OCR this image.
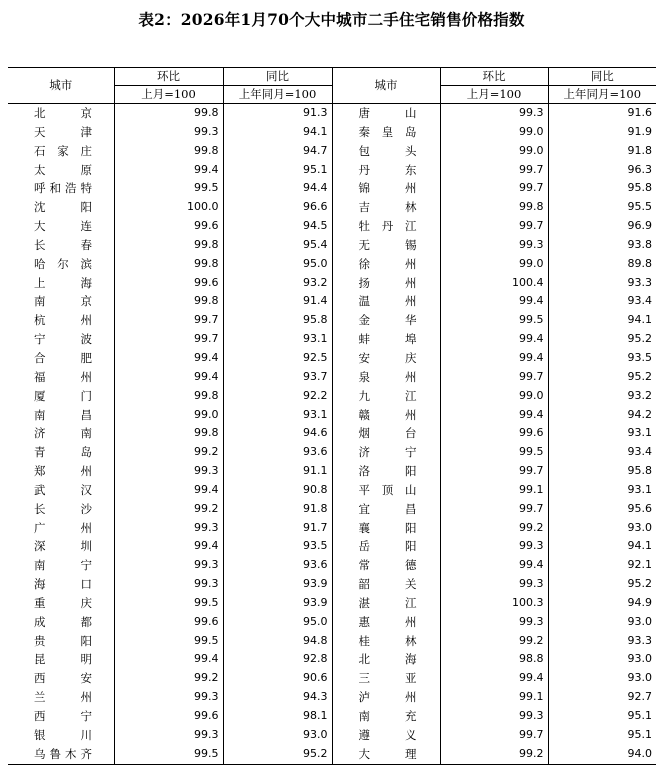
表2：2026年1月70个大中城市二手住宅销售价格指数
城市	环比	同比	城市	环比	同比
	上月=100	上年同月=100		上月=100	上年同月=100
北京	99.8	91.3	唐山	99.3	91.6
天津	99.3	94.1	秦皇岛	99.0	91.9
石家庄	99.8	94.7	包头	99.0	91.8
太原	99.4	95.1	丹东	99.7	96.3
呼和浩特	99.5	94.4	锦州	99.7	95.8
沈阳	100.0	96.6	吉林	99.8	95.5
大连	99.6	94.5	牡丹江	99.7	96.9
长春	99.8	95.4	无锡	99.3	93.8
哈尔滨	99.8	95.0	徐州	99.0	89.8
上海	99.6	93.2	扬州	100.4	93.3
南京	99.8	91.4	温州	99.4	93.4
杭州	99.7	95.8	金华	99.5	94.1
宁波	99.7	93.1	蚌埠	99.4	95.2
合肥	99.4	92.5	安庆	99.4	93.5
福州	99.4	93.7	泉州	99.7	95.2
厦门	99.8	92.2	九江	99.0	93.2
南昌	99.0	93.1	赣州	99.4	94.2
济南	99.8	94.6	烟台	99.6	93.1
青岛	99.2	93.6	济宁	99.5	93.4
郑州	99.3	91.1	洛阳	99.7	95.8
武汉	99.4	90.8	平顶山	99.1	93.1
长沙	99.2	91.8	宜昌	99.7	95.6
广州	99.3	91.7	襄阳	99.2	93.0
深圳	99.4	93.5	岳阳	99.3	94.1
南宁	99.3	93.6	常德	99.4	92.1
海口	99.3	93.9	韶关	99.3	95.2
重庆	99.5	93.9	湛江	100.3	94.9
成都	99.6	95.0	惠州	99.3	93.0
贵阳	99.5	94.8	桂林	99.2	93.3
昆明	99.4	92.8	北海	98.8	93.0
西安	99.2	90.6	三亚	99.4	93.0
兰州	99.3	94.3	泸州	99.1	92.7
西宁	99.6	98.1	南充	99.3	95.1
银川	99.3	93.0	遵义	99.7	95.1
乌鲁木齐	99.5	95.2	大理	99.2	94.0
